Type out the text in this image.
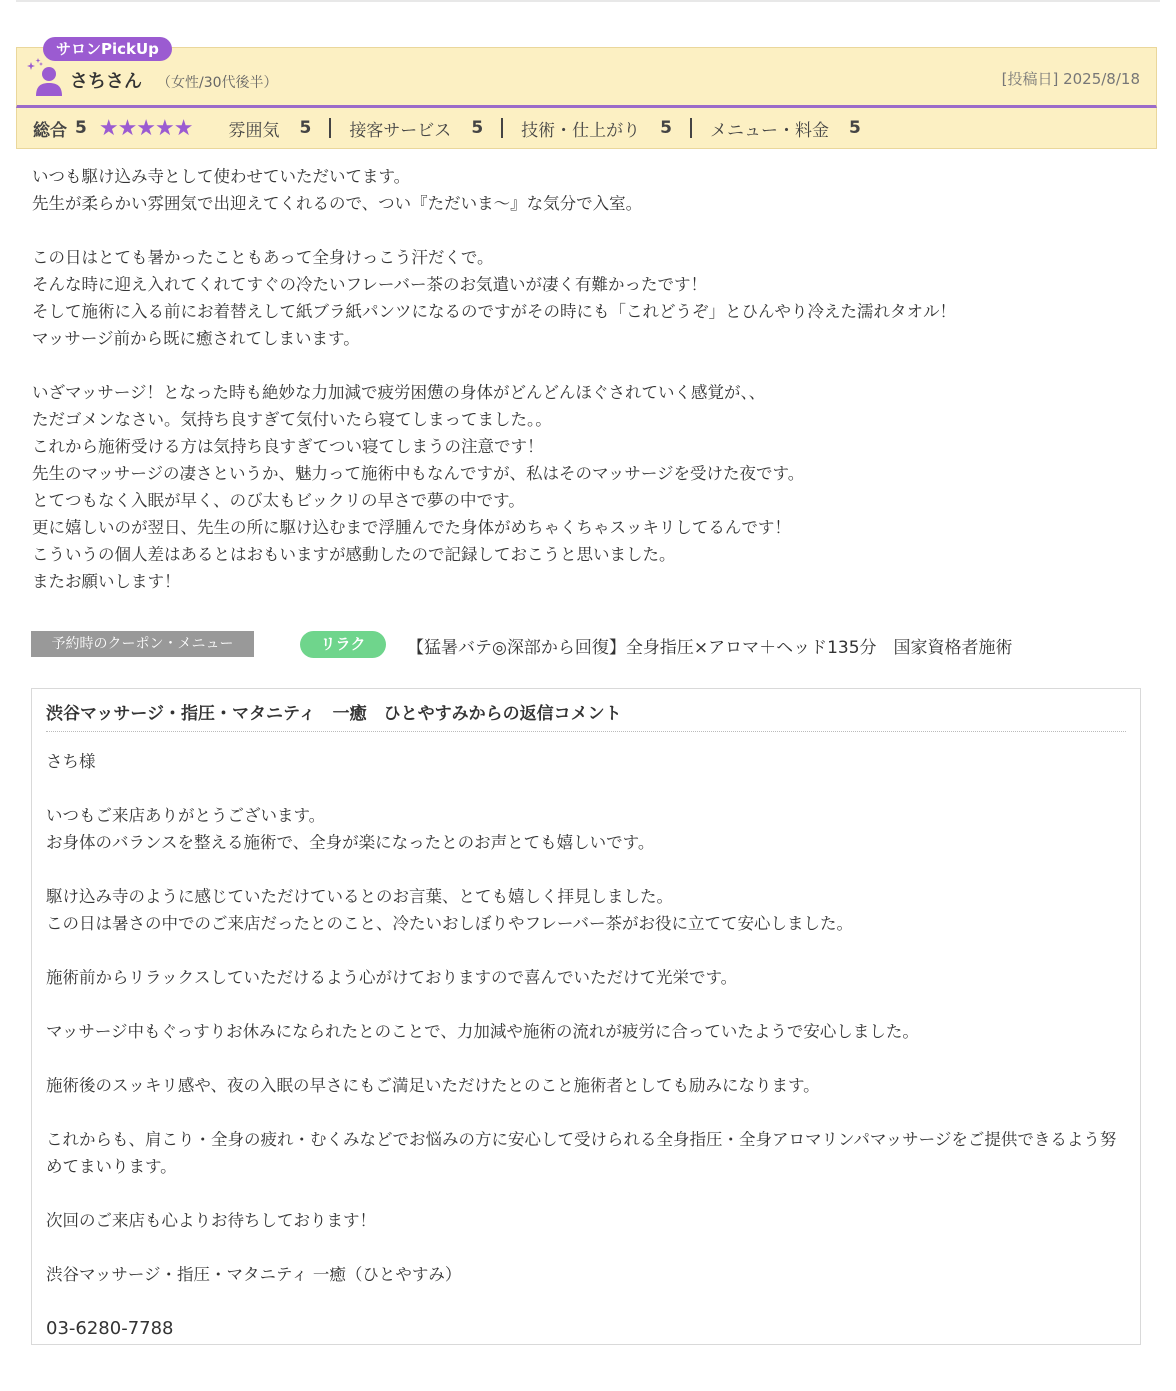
サロンPickUp
さちさん （女性/30代後半）	[投稿日] 2025/8/18
総合 5 ★★★★★ 雰囲気 5 接客サービス 5 技術・仕上がり 5 メニュー・料金 5
いつも駆け込み寺として使わせていただいてます。
先生が柔らかい雰囲気で出迎えてくれるので、つい『ただいま〜』な気分で入室。

この日はとても暑かったこともあって全身けっこう汗だくで。
そんな時に迎え入れてくれてすぐの冷たいフレーバー茶のお気遣いが凄く有難かったです！
そして施術に入る前にお着替えして紙ブラ紙パンツになるのですがその時にも「これどうぞ」とひんやり冷えた濡れタオル！
マッサージ前から既に癒されてしまいます。

いざマッサージ！となった時も絶妙な力加減で疲労困憊の身体がどんどんほぐされていく感覚が、、
ただゴメンなさい。気持ち良すぎて気付いたら寝てしまってました。。
これから施術受ける方は気持ち良すぎてつい寝てしまうの注意です！
先生のマッサージの凄さというか、魅力って施術中もなんですが、私はそのマッサージを受けた夜です。
とてつもなく入眠が早く、のび太もビックリの早さで夢の中です。
更に嬉しいのが翌日、先生の所に駆け込むまで浮腫んでた身体がめちゃくちゃスッキリしてるんです！
こういうの個人差はあるとはおもいますが感動したので記録しておこうと思いました。
またお願いします！
予約時のクーポン・メニュー	リラク	【猛暑バテ◎深部から回復】全身指圧×アロマ＋ヘッド135分　国家資格者施術
渋谷マッサージ・指圧・マタニティ　一癒　ひとやすみからの返信コメント
さち様

いつもご来店ありがとうございます。
お身体のバランスを整える施術で、全身が楽になったとのお声とても嬉しいです。

駆け込み寺のように感じていただけているとのお言葉、とても嬉しく拝見しました。
この日は暑さの中でのご来店だったとのこと、冷たいおしぼりやフレーバー茶がお役に立てて安心しました。

施術前からリラックスしていただけるよう心がけておりますので喜んでいただけて光栄です。

マッサージ中もぐっすりお休みになられたとのことで、力加減や施術の流れが疲労に合っていたようで安心しました。

施術後のスッキリ感や、夜の入眠の早さにもご満足いただけたとのこと施術者としても励みになります。

これからも、肩こり・全身の疲れ・むくみなどでお悩みの方に安心して受けられる全身指圧・全身アロマリンパマッサージをご提供できるよう努めてまいります。

次回のご来店も心よりお待ちしております！

渋谷マッサージ・指圧・マタニティ 一癒（ひとやすみ）

03-6280-7788
